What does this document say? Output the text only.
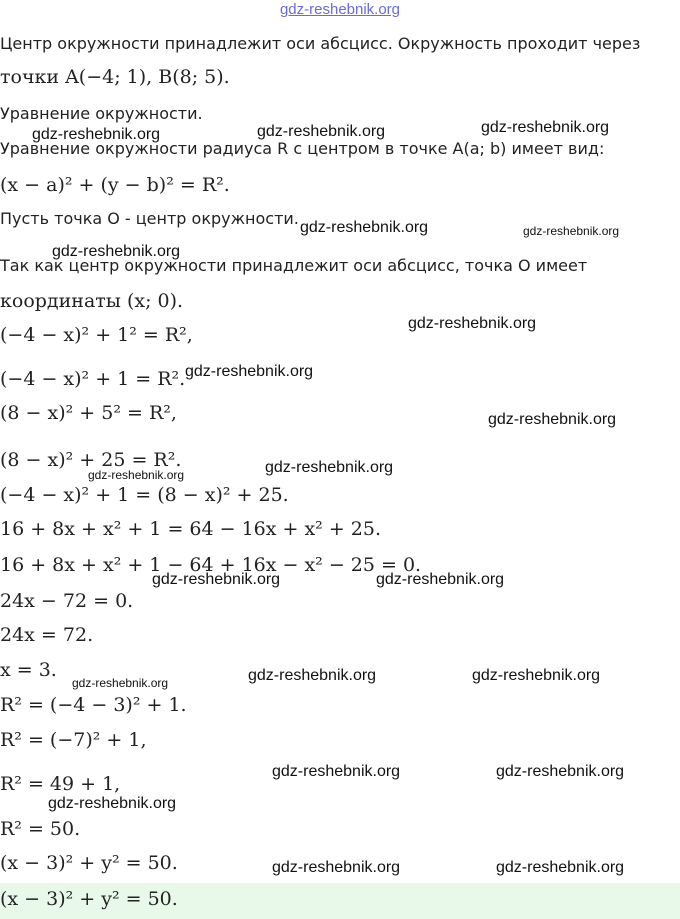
gdz-reshebnik.org
Центр окружности принадлежит оси абсцисс. Окружность проходит через
точки A(−4; 1), B(8; 5).
Уравнение окружности.
Уравнение окружности радиуса R с центром в точке A(a; b) имеет вид:
(x − a)² + (y − b)² = R².
Пусть точка O - центр окружности.
Так как центр окружности принадлежит оси абсцисс, точка O имеет
координаты (x; 0).
(−4 − x)² + 1² = R²,
(−4 − x)² + 1 = R².
(8 − x)² + 5² = R²,
(8 − x)² + 25 = R².
(−4 − x)² + 1 = (8 − x)² + 25.
16 + 8x + x² + 1 = 64 − 16x + x² + 25.
16 + 8x + x² + 1 − 64 + 16x − x² − 25 = 0.
24x − 72 = 0.
24x = 72.
x = 3.
R² = (−4 − 3)² + 1.
R² = (−7)² + 1,
R² = 49 + 1,
R² = 50.
(x − 3)² + y² = 50.
(x − 3)² + y² = 50.
gdz-reshebnik.org	gdz-reshebnik.org	gdz-reshebnik.org
gdz-reshebnik.org	gdz-reshebnik.org
gdz-reshebnik.org
gdz-reshebnik.org
gdz-reshebnik.org
gdz-reshebnik.org
gdz-reshebnik.org
gdz-reshebnik.org
gdz-reshebnik.org	gdz-reshebnik.org
gdz-reshebnik.org	gdz-reshebnik.org
gdz-reshebnik.org
gdz-reshebnik.org	gdz-reshebnik.org
gdz-reshebnik.org
gdz-reshebnik.org	gdz-reshebnik.org
